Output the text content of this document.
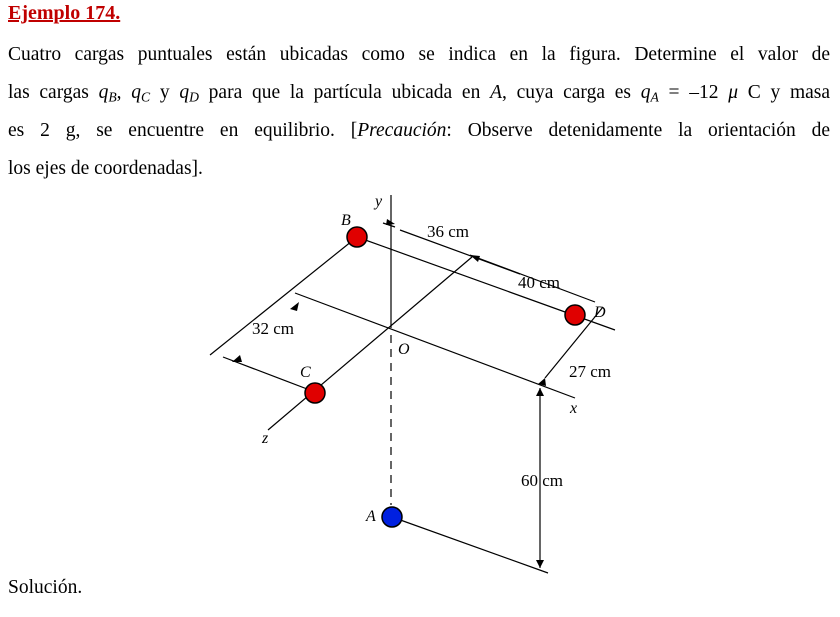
Ejemplo 174.
Cuatro cargas puntuales están ubicadas como se indica en la figura. Determine el valor de
las cargas $q_B$, $q_C$ y $q_D$ para que la partícula ubicada en A, cuya carga es $q_A = -12$ μ C y masa
es 2 g, se encuentre en equilibrio. [Precaución: Observe detenidamente la orientación de
los ejes de coordenadas].
y
x
z
O
B
D
C
A
36 cm
40 cm
32 cm
27 cm
60 cm
Solución.
